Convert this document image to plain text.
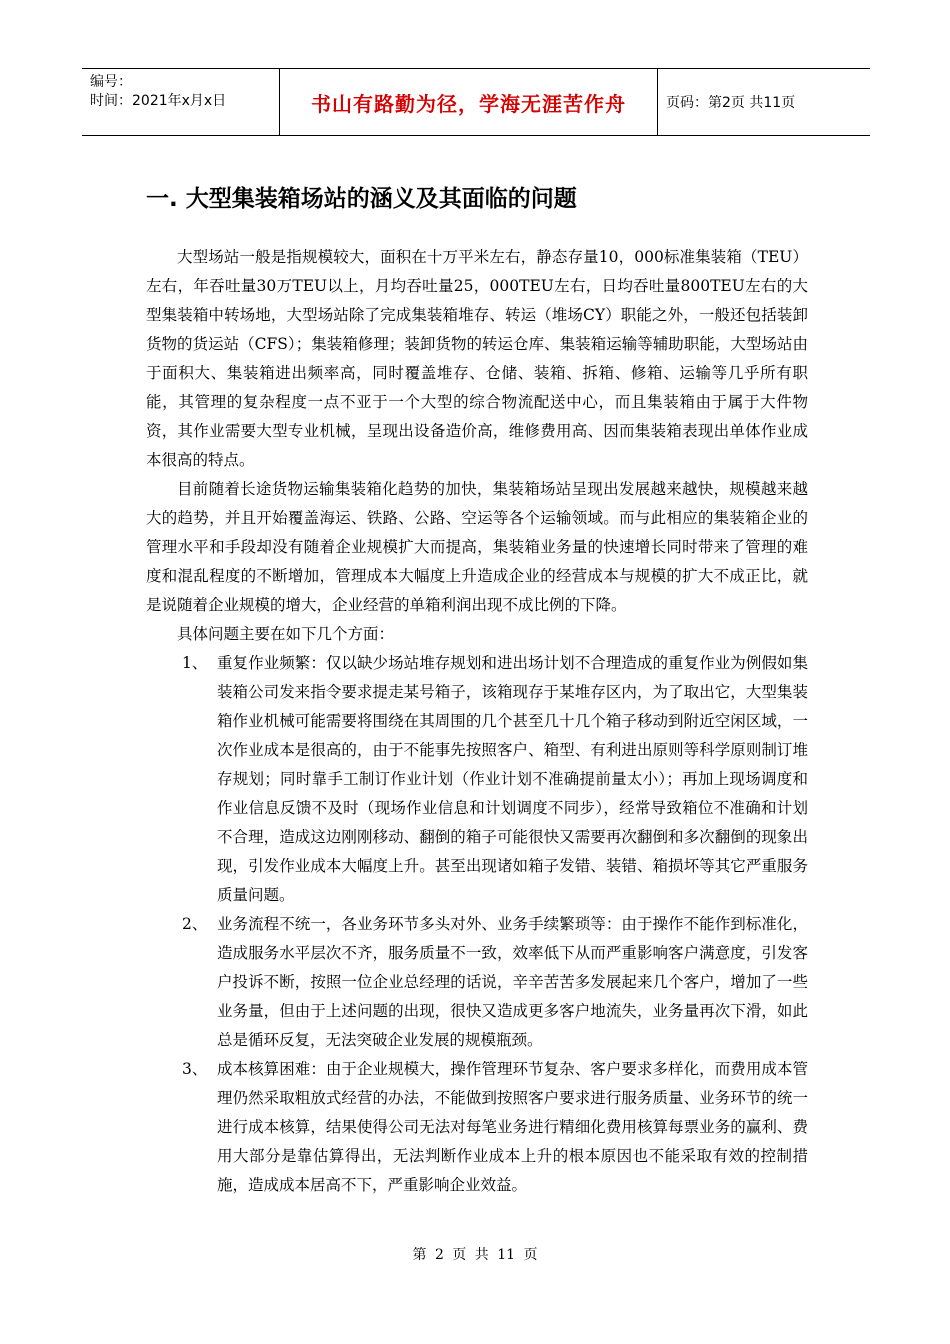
编号：
时间：2021年x月x日	书山有路勤为径，学海无涯苦作舟	页码：第2页 共11页
一. 大型集装箱场站的涵义及其面临的问题

大型场站一般是指规模较大，面积在十万平米左右，静态存量10，000标准集装箱（TEU）左右，年吞吐量30万TEU以上，月均吞吐量25，000TEU左右，日均吞吐量800TEU左右的大型集装箱中转场地，大型场站除了完成集装箱堆存、转运（堆场CY）职能之外，一般还包括装卸货物的货运站（CFS）；集装箱修理；装卸货物的转运仓库、集装箱运输等辅助职能，大型场站由于面积大、集装箱进出频率高，同时覆盖堆存、仓储、装箱、拆箱、修箱、运输等几乎所有职能，其管理的复杂程度一点不亚于一个大型的综合物流配送中心，而且集装箱由于属于大件物资，其作业需要大型专业机械，呈现出设备造价高，维修费用高、因而集装箱表现出单体作业成本很高的特点。

目前随着长途货物运输集装箱化趋势的加快，集装箱场站呈现出发展越来越快，规模越来越大的趋势，并且开始覆盖海运、铁路、公路、空运等各个运输领域。而与此相应的集装箱企业的管理水平和手段却没有随着企业规模扩大而提高，集装箱业务量的快速增长同时带来了管理的难度和混乱程度的不断增加，管理成本大幅度上升造成企业的经营成本与规模的扩大不成正比，就是说随着企业规模的增大，企业经营的单箱利润出现不成比例的下降。

具体问题主要在如下几个方面：

1、 重复作业频繁：仅以缺少场站堆存规划和进出场计划不合理造成的重复作业为例假如集装箱公司发来指令要求提走某号箱子，该箱现存于某堆存区内，为了取出它，大型集装箱作业机械可能需要将围绕在其周围的几个甚至几十几个箱子移动到附近空闲区域，一次作业成本是很高的，由于不能事先按照客户、箱型、有利进出原则等科学原则制订堆存规划；同时靠手工制订作业计划（作业计划不准确提前量太小）；再加上现场调度和作业信息反馈不及时（现场作业信息和计划调度不同步），经常导致箱位不准确和计划不合理，造成这边刚刚移动、翻倒的箱子可能很快又需要再次翻倒和多次翻倒的现象出现，引发作业成本大幅度上升。甚至出现诸如箱子发错、装错、箱损坏等其它严重服务质量问题。
2、 业务流程不统一，各业务环节多头对外、业务手续繁琐等：由于操作不能作到标准化，造成服务水平层次不齐，服务质量不一致，效率低下从而严重影响客户满意度，引发客户投诉不断，按照一位企业总经理的话说，辛辛苦苦多发展起来几个客户，增加了一些业务量，但由于上述问题的出现，很快又造成更多客户地流失，业务量再次下滑，如此总是循环反复，无法突破企业发展的规模瓶颈。
3、 成本核算困难：由于企业规模大，操作管理环节复杂、客户要求多样化，而费用成本管理仍然采取粗放式经营的办法，不能做到按照客户要求进行服务质量、业务环节的统一进行成本核算，结果使得公司无法对每笔业务进行精细化费用核算每票业务的赢利、费用大部分是靠估算得出，无法判断作业成本上升的根本原因也不能采取有效的控制措施，造成成本居高不下，严重影响企业效益。
第 2 页 共 11 页
